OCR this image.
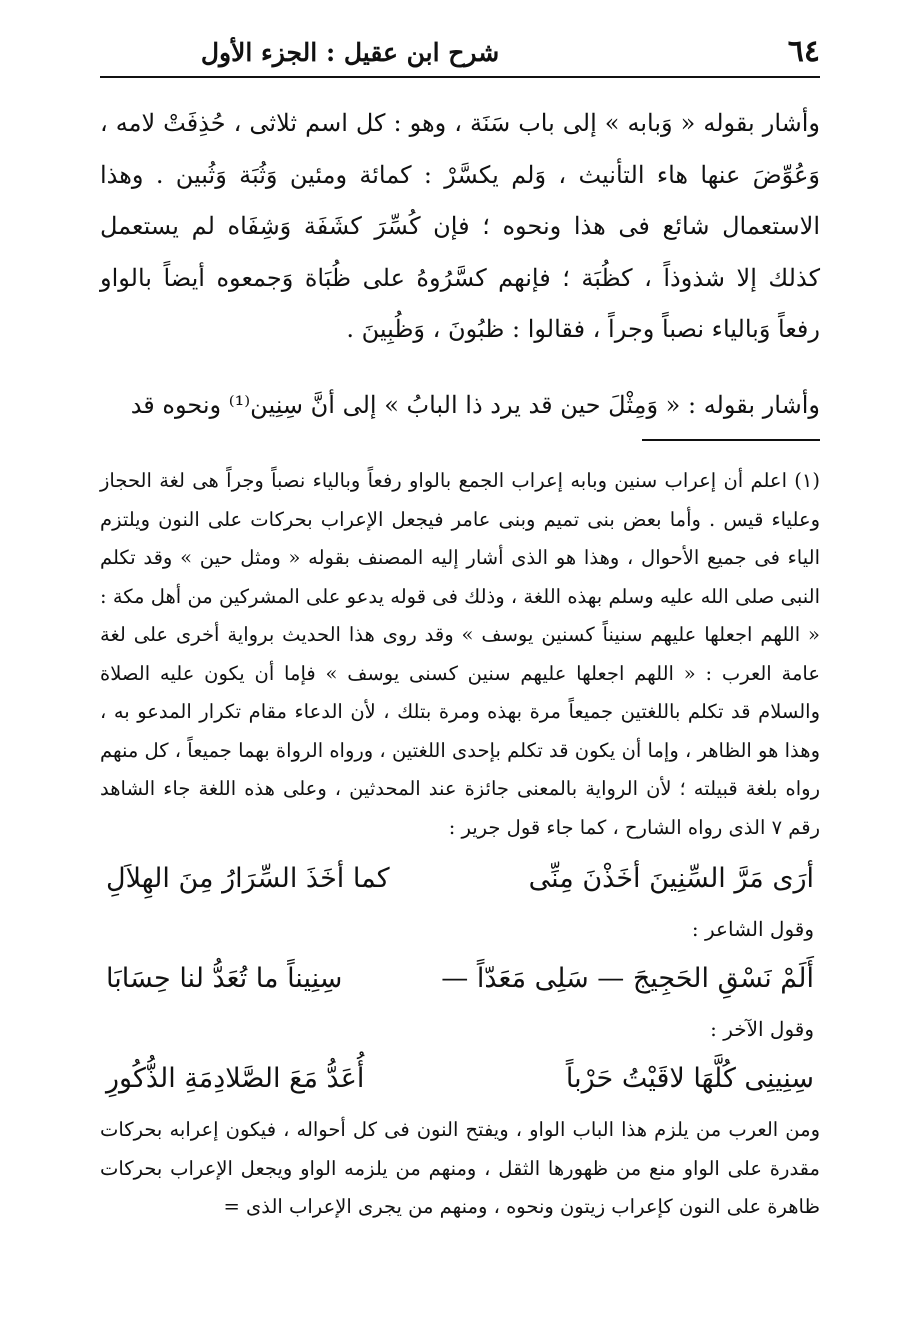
٦٤
شرح ابن عقيل : الجزء الأول

وأشار بقوله « وَبابه » إلى باب سَنَة ، وهو : كل اسم ثلاثى ، حُذِفَتْ لامه ، وَعُوِّضَ عنها هاء التأنيث ، وَلم يكسَّرْ : كمائة ومئين وَثُبَة وَثُبين . وهذا الاستعمال شائع فى هذا ونحوه ؛ فإن كُسِّرَ كشَفَة وَشِفَاه لم يستعمل كذلك إلا شذوذاً ، كظُبَة ؛ فإنهم كسَّرُوهُ على ظُبَاة وَجمعوه أيضاً بالواو رفعاً وَبالياء نصباً وجراً ، فقالوا : ظبُونَ ، وَظُبِينَ .

وأشار بقوله : « وَمِثْلَ حين قد يرد ذا البابُ » إلى أنَّ سِنِين⁽¹⁾ ونحوه قد

(١) اعلم أن إعراب سنين وبابه إعراب الجمع بالواو رفعاً وبالياء نصباً وجراً هى لغة الحجاز وعلياء قيس . وأما بعض بنى تميم وبنى عامر فيجعل الإعراب بحركات على النون ويلتزم الياء فى جميع الأحوال ، وهذا هو الذى أشار إليه المصنف بقوله « ومثل حين » وقد تكلم النبى صلى الله عليه وسلم بهذه اللغة ، وذلك فى قوله يدعو على المشركين من أهل مكة : « اللهم اجعلها عليهم سنيناً كسنين يوسف » وقد روى هذا الحديث برواية أخرى على لغة عامة العرب : « اللهم اجعلها عليهم سنين كسنى يوسف » فإما أن يكون عليه الصلاة والسلام قد تكلم باللغتين جميعاً مرة بهذه ومرة بتلك ، لأن الدعاء مقام تكرار المدعو به ، وهذا هو الظاهر ، وإما أن يكون قد تكلم بإحدى اللغتين ، ورواه الرواة بهما جميعاً ، كل منهم رواه بلغة قبيلته ؛ لأن الرواية بالمعنى جائزة عند المحدثين ، وعلى هذه اللغة جاء الشاهد رقم ٧ الذى رواه الشارح ، كما جاء قول جرير :

أرَى مَرَّ السِّنِينَ أخَذْنَ مِنِّى
كما أخَذَ السِّرَارُ مِنَ الهِلاَلِ
وقول الشاعر :
أَلَمْ نَسْقِ الحَجِيجَ — سَلِى مَعَدّاً —
سِنِيناً ما تُعَدُّ لنا حِسَابَا
وقول الآخر :
سِنِينِى كُلَّهَا لاقَيْتُ حَرْباً
أُعَدُّ مَعَ الصَّلادِمَةِ الذُّكُورِ

ومن العرب من يلزم هذا الباب الواو ، ويفتح النون فى كل أحواله ، فيكون إعرابه بحركات مقدرة على الواو منع من ظهورها الثقل ، ومنهم من يلزمه الواو ويجعل الإعراب بحركات ظاهرة على النون كإعراب زيتون ونحوه ، ومنهم من يجرى الإعراب الذى =
